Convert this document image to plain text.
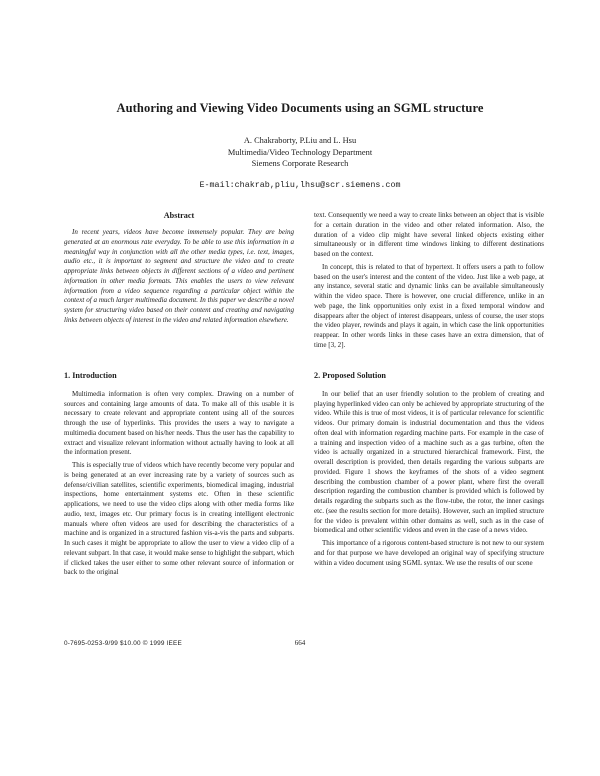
Authoring and Viewing Video Documents using an SGML structure
A. Chakraborty, P.Liu and L. Hsu
Multimedia/Video Technology Department
Siemens Corporate Research
E-mail:chakrab,pliu,lhsu@scr.siemens.com
Abstract

In recent years, videos have become immensely popular. They are being generated at an enormous rate everyday. To be able to use this information in a meaningful way in conjunction with all the other media types, i.e. text, images, audio etc., it is important to segment and structure the video and to create appropriate links between objects in different sections of a video and pertinent information in other media formats. This enables the users to view relevant information from a video sequence regarding a particular object within the context of a much larger multimedia document. In this paper we describe a novel system for structuring video based on their content and creating and navigating links between objects of interest in the video and related information elsewhere.

1. Introduction

Multimedia information is often very complex. Drawing on a number of sources and containing large amounts of data. To make all of this usable it is necessary to create relevant and appropriate content using all of the sources through the use of hyperlinks. This provides the users a way to navigate a multimedia document based on his/her needs. Thus the user has the capability to extract and visualize relevant information without actually having to look at all the information present.

This is especially true of videos which have recently become very popular and is being generated at an ever increasing rate by a variety of sources such as defense/civilian satellites, scientific experiments, biomedical imaging, industrial inspections, home entertainment systems etc. Often in these scientific applications, we need to use the video clips along with other media forms like audio, text, images etc. Our primary focus is in creating intelligent electronic manuals where often videos are used for describing the characteristics of a machine and is organized in a structured fashion vis-a-vis the parts and subparts. In such cases it might be appropriate to allow the user to view a video clip of a relevant subpart. In that case, it would make sense to highlight the subpart, which if clicked takes the user either to some other relevant source of information or back to the original

text. Consequently we need a way to create links between an object that is visible for a certain duration in the video and other related information. Also, the duration of a video clip might have several linked objects existing either simultaneously or in different time windows linking to different destinations based on the context.

In concept, this is related to that of hypertext. It offers users a path to follow based on the user's interest and the content of the video. Just like a web page, at any instance, several static and dynamic links can be available simultaneously within the video space. There is however, one crucial difference, unlike in an web page, the link opportunities only exist in a fixed temporal window and disappears after the object of interest disappears, unless of course, the user stops the video player, rewinds and plays it again, in which case the link opportunities reappear. In other words links in these cases have an extra dimension, that of time [3, 2].

2. Proposed Solution

In our belief that an user friendly solution to the problem of creating and playing hyperlinked video can only be achieved by appropriate structuring of the video. While this is true of most videos, it is of particular relevance for scientific videos. Our primary domain is industrial documentation and thus the videos often deal with information regarding machine parts. For example in the case of a training and inspection video of a machine such as a gas turbine, often the video is actually organized in a structured hierarchical framework. First, the overall description is provided, then details regarding the various subparts are provided. Figure 1 shows the keyframes of the shots of a video segment describing the combustion chamber of a power plant, where first the overall description regarding the combustion chamber is provided which is followed by details regarding the subparts such as the flow-tube, the rotor, the inner casings etc. (see the results section for more details). However, such an implied structure for the video is prevalent within other domains as well, such as in the case of biomedical and other scientific videos and even in the case of a news video.

This importance of a rigorous content-based structure is not new to our system and for that purpose we have developed an original way of specifying structure within a video document using SGML syntax. We use the results of our scene

664
0-7695-0253-9/99 $10.00 © 1999 IEEE
